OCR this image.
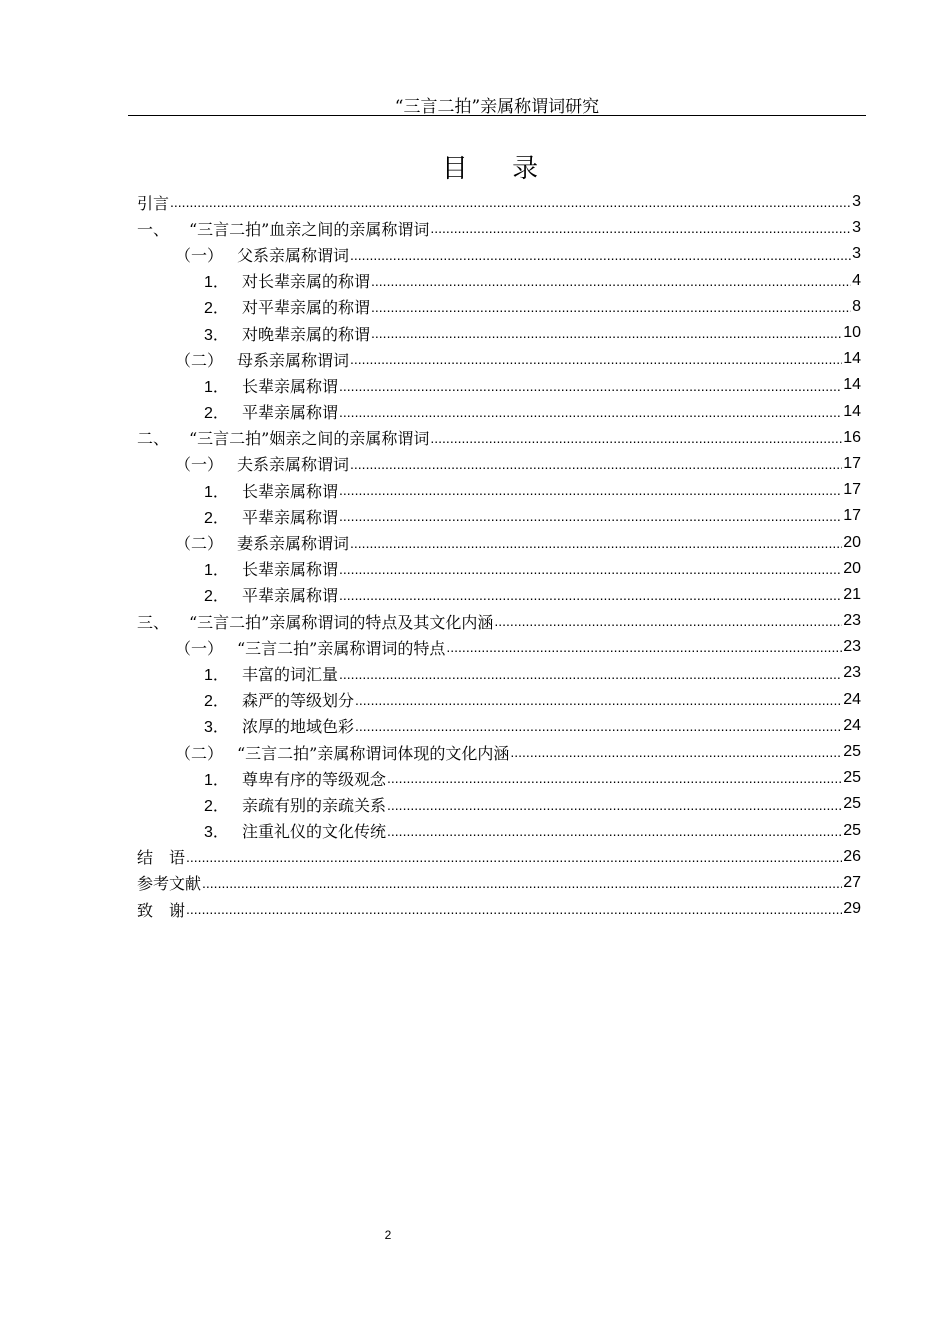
“三言二拍”亲属称谓词研究
目 录
引言 .....	3
一、	“三言二拍”血亲之间的亲属称谓词 .....	3
（一） 父系亲属称谓词 .....	3
1． 对长辈亲属的称谓 .....	4
2． 对平辈亲属的称谓 .....	8
3． 对晚辈亲属的称谓 .....	10
（二） 母系亲属称谓词 .....	14
1． 长辈亲属称谓 .....	14
2． 平辈亲属称谓 .....	14
二、	“三言二拍”姻亲之间的亲属称谓词 .....	16
（一） 夫系亲属称谓词 .....	17
1． 长辈亲属称谓 .....	17
2． 平辈亲属称谓 .....	17
（二） 妻系亲属称谓词 .....	20
1． 长辈亲属称谓 .....	20
2． 平辈亲属称谓 .....	21
三、	“三言二拍”亲属称谓词的特点及其文化内涵 .....	23
（一） “三言二拍”亲属称谓词的特点 .....	23
1． 丰富的词汇量 .....	23
2． 森严的等级划分 .....	24
3． 浓厚的地域色彩 .....	24
（二） “三言二拍”亲属称谓词体现的文化内涵 .....	25
1． 尊卑有序的等级观念 .....	25
2． 亲疏有别的亲疏关系 .....	25
3． 注重礼仪的文化传统 .....	25
结　语 .....	26
参考文献 .....	27
致　谢 .....	29
2
